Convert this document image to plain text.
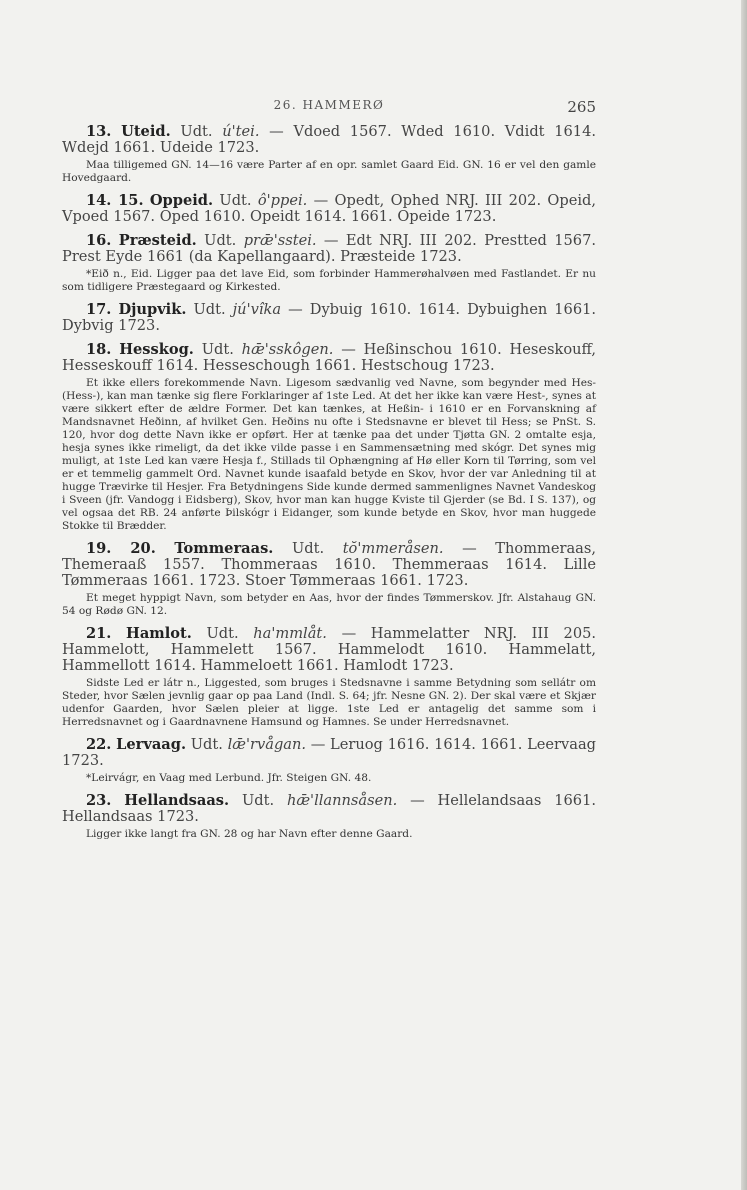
26. HAMMERØ	265

13. Uteid. Udt. ú'tei. — Vdoed 1567. Wded 1610. Vdidt 1614. Wdejd 1661. Udeide 1723.

Maa tilligemed GN. 14—16 være Parter af en opr. samlet Gaard Eid. GN. 16 er vel den gamle Hovedgaard.

14. 15. Oppeid. Udt. ô'ppei. — Opedt, Ophed NRJ. III 202. Opeid, Vpoed 1567. Oped 1610. Opeidt 1614. 1661. Opeide 1723.

16. Præsteid. Udt. prǣ'sstei. — Edt NRJ. III 202. Prestted 1567. Prest Eyde 1661 (da Kapellangaard). Præsteide 1723.

*Eið n., Eid. Ligger paa det lave Eid, som forbinder Hammerøhalvøen med Fastlandet. Er nu som tidligere Præstegaard og Kirkested.

17. Djupvik. Udt. jú'vîka — Dybuig 1610. 1614. Dybuighen 1661. Dybvig 1723.

18. Hesskog. Udt. hǣ'sskôgen. — Heßinschou 1610. Heseskouff, Hesseskouff 1614. Hesseschough 1661. Hestschoug 1723.

Et ikke ellers forekommende Navn. Ligesom sædvanlig ved Navne, som begynder med Hes- (Hess-), kan man tænke sig flere Forklaringer af 1ste Led. At det her ikke kan være Hest-, synes at være sikkert efter de ældre Former. Det kan tænkes, at Heßin- i 1610 er en Forvanskning af Mandsnavnet Heðinn, af hvilket Gen. Heðins nu ofte i Stedsnavne er blevet til Hess; se PnSt. S. 120, hvor dog dette Navn ikke er opført. Her at tænke paa det under Tjøtta GN. 2 omtalte esja, hesja synes ikke rimeligt, da det ikke vilde passe i en Sammensætning med skógr. Det synes mig muligt, at 1ste Led kan være Hesja f., Stillads til Ophængning af Hø eller Korn til Tørring, som vel er et temmelig gammelt Ord. Navnet kunde isaafald betyde en Skov, hvor der var Anledning til at hugge Trævirke til Hesjer. Fra Betydningens Side kunde dermed sammenlignes Navnet Vandeskog i Sveen (jfr. Vandogg i Eidsberg), Skov, hvor man kan hugge Kviste til Gjerder (se Bd. I S. 137), og vel ogsaa det RB. 24 anførte Þilskógr i Eidanger, som kunde betyde en Skov, hvor man huggede Stokke til Brædder.

19. 20. Tommeraas. Udt. tŏ'mmeråsen. — Thommeraas, Themeraaß 1557. Thommeraas 1610. Themmeraas 1614. Lille Tømmeraas 1661. 1723. Stoer Tømmeraas 1661. 1723.

Et meget hyppigt Navn, som betyder en Aas, hvor der findes Tømmerskov. Jfr. Alstahaug GN. 54 og Rødø GN. 12.

21. Hamlot. Udt. ha'mmlåt. — Hammelatter NRJ. III 205. Hammelott, Hammelett 1567. Hammelodt 1610. Hammelatt, Hammellott 1614. Hammeloett 1661. Hamlodt 1723.

Sidste Led er látr n., Liggested, som bruges i Stedsnavne i samme Betydning som sellátr om Steder, hvor Sælen jevnlig gaar op paa Land (Indl. S. 64; jfr. Nesne GN. 2). Der skal være et Skjær udenfor Gaarden, hvor Sælen pleier at ligge. 1ste Led er antagelig det samme som i Herredsnavnet og i Gaardnavnene Hamsund og Hamnes. Se under Herredsnavnet.

22. Lervaag. Udt. lǣ'rvågan. — Leruog 1616. 1614. 1661. Leervaag 1723.

*Leirvágr, en Vaag med Lerbund. Jfr. Steigen GN. 48.

23. Hellandsaas. Udt. hǣ'llannsåsen. — Hellelandsaas 1661. Hellandsaas 1723.

Ligger ikke langt fra GN. 28 og har Navn efter denne Gaard.
